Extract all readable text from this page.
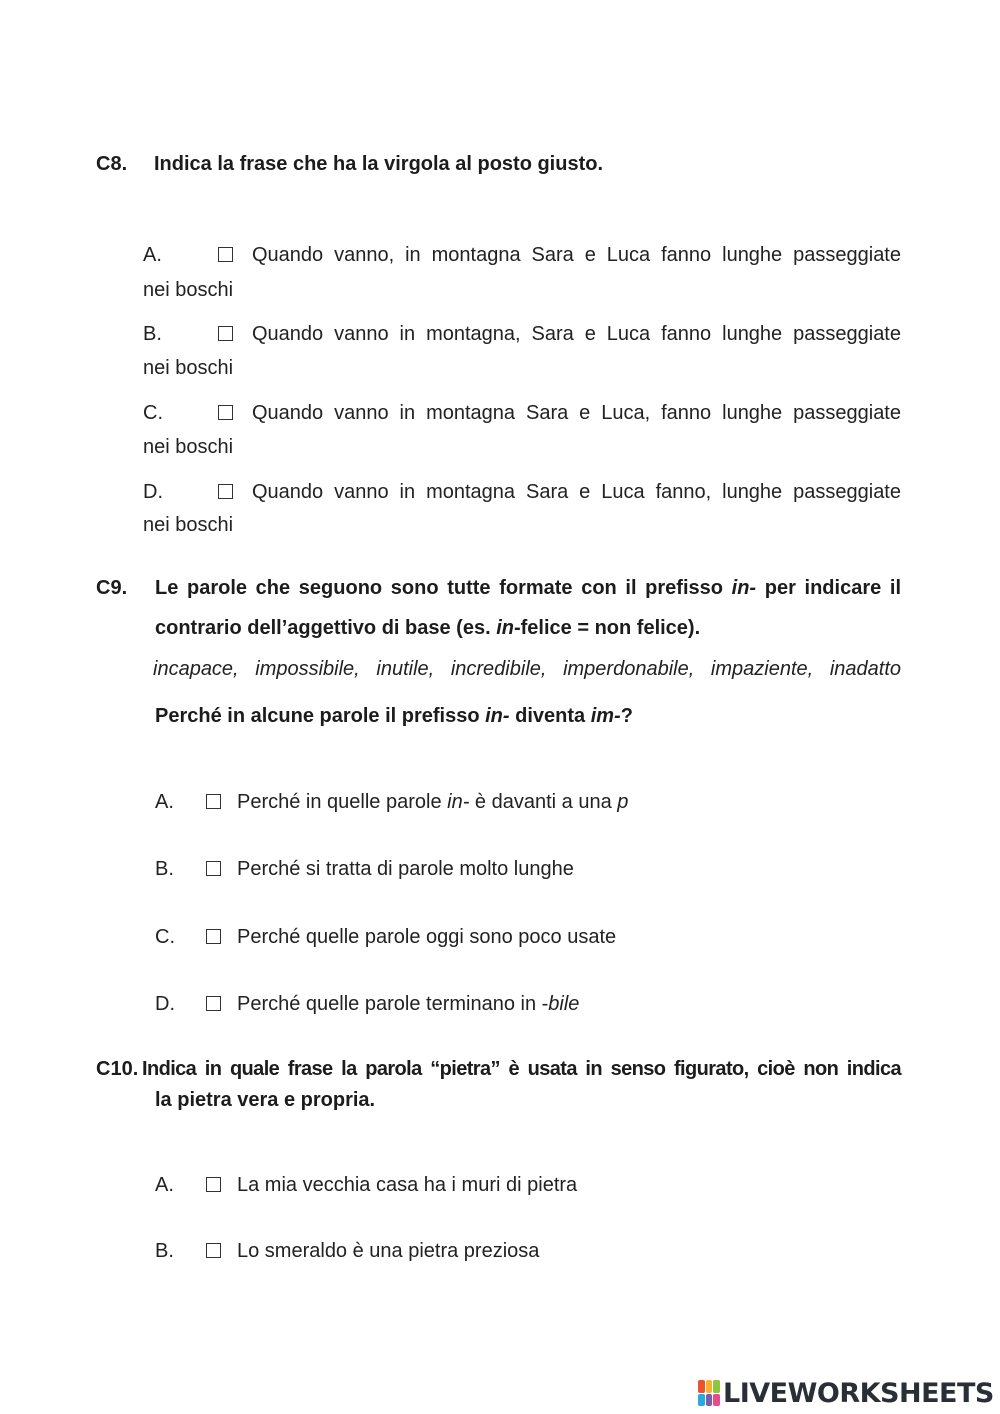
C8. Indica la frase che ha la virgola al posto giusto.
A.	Quando vanno, in montagna Sara e Luca fanno lunghe passeggiate
nei boschi
B.	Quando vanno in montagna, Sara e Luca fanno lunghe passeggiate
nei boschi
C.	Quando vanno in montagna Sara e Luca, fanno lunghe passeggiate
nei boschi
D.	Quando vanno in montagna Sara e Luca fanno, lunghe passeggiate
nei boschi
C9. Le parole che seguono sono tutte formate con il prefisso in- per indicare il
contrario dell’aggettivo di base (es. in-felice = non felice).
incapace, impossibile, inutile, incredibile, imperdonabile, impaziente, inadatto
Perché in alcune parole il prefisso in- diventa im-?
A.	Perché in quelle parole in- è davanti a una p
B.	Perché si tratta di parole molto lunghe
C.	Perché quelle parole oggi sono poco usate
D.	Perché quelle parole terminano in -bile
C10. Indica in quale frase la parola “pietra” è usata in senso figurato, cioè non indica
la pietra vera e propria.
A.	La mia vecchia casa ha i muri di pietra
B.	Lo smeraldo è una pietra preziosa
LIVEWORKSHEETS
